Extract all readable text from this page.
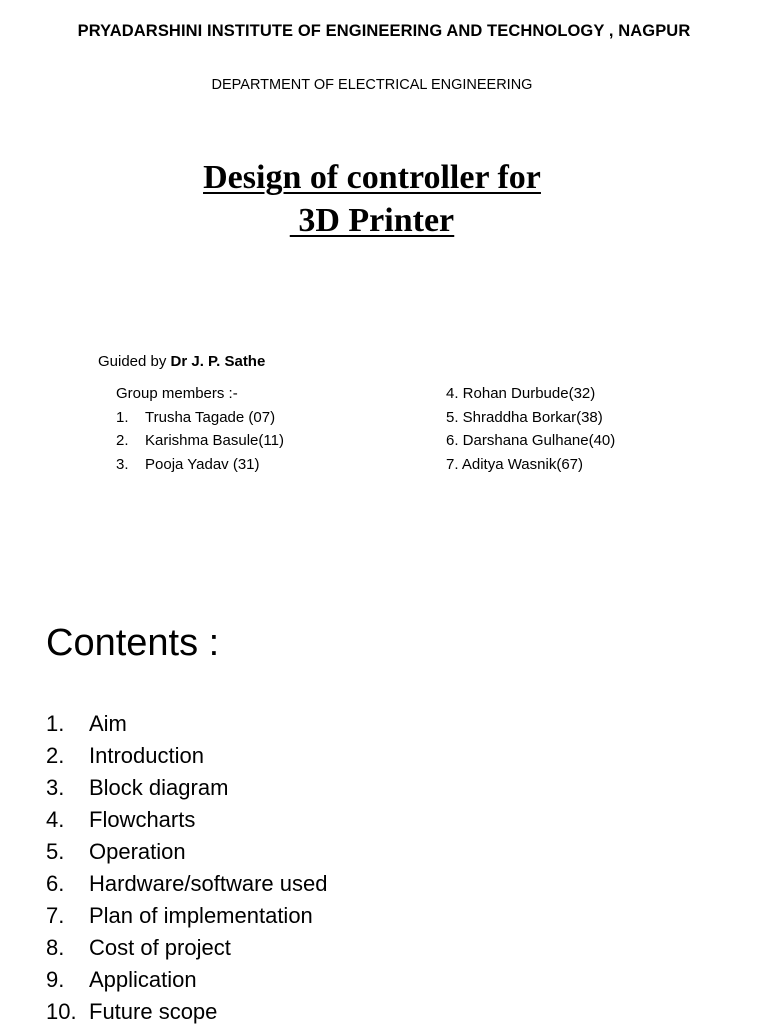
PRYADARSHINI INSTITUTE OF ENGINEERING AND TECHNOLOGY , NAGPUR
DEPARTMENT OF ELECTRICAL ENGINEERING
Design of controller for
3D Printer
Guided by Dr J. P. Sathe
Group members :-
1.	Trusha Tagade (07)
2.	Karishma Basule(11)
3.	Pooja Yadav (31)
4. Rohan Durbude(32)
5. Shraddha Borkar(38)
6. Darshana Gulhane(40)
7. Aditya Wasnik(67)
Contents :
1.	Aim
2.	Introduction
3.	Block diagram
4.	Flowcharts
5.	Operation
6.	Hardware/software used
7.	Plan of implementation
8.	Cost of project
9.	Application
10. Future scope
